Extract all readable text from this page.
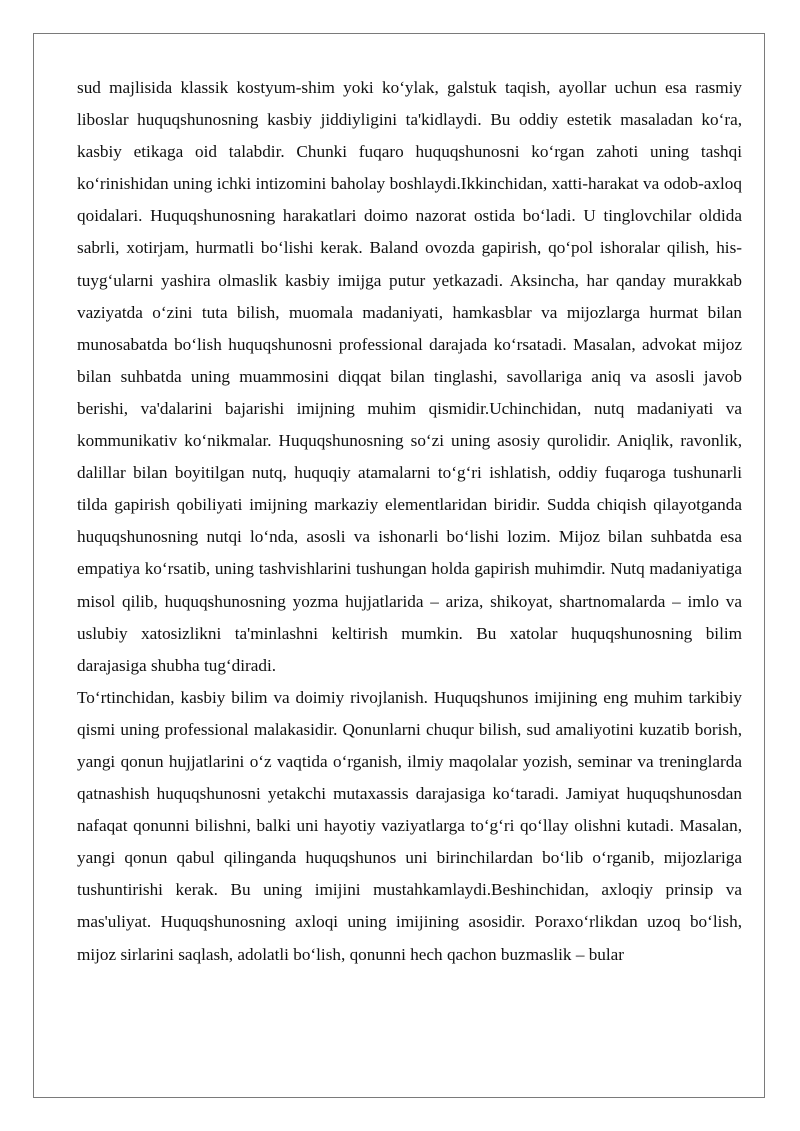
sud majlisida klassik kostyum-shim yoki ko‘ylak, galstuk taqish, ayollar uchun esa rasmiy liboslar huquqshunosning kasbiy jiddiyligini ta'kidlaydi. Bu oddiy estetik masaladan ko‘ra, kasbiy etikaga oid talabdir. Chunki fuqaro huquqshunosni ko‘rgan zahoti uning tashqi ko‘rinishidan uning ichki intizomini baholay boshlaydi.Ikkinchidan, xatti-harakat va odob-axloq qoidalari. Huquqshunosning harakatlari doimo nazorat ostida bo‘ladi. U tinglovchilar oldida sabrli, xotirjam, hurmatli bo‘lishi kerak. Baland ovozda gapirish, qo‘pol ishoralar qilish, his-tuyg‘ularni yashira olmaslik kasbiy imijga putur yetkazadi. Aksincha, har qanday murakkab vaziyatda o‘zini tuta bilish, muomala madaniyati, hamkasblar va mijozlarga hurmat bilan munosabatda bo‘lish huquqshunosni professional darajada ko‘rsatadi. Masalan, advokat mijoz bilan suhbatda uning muammosini diqqat bilan tinglashi, savollariga aniq va asosli javob berishi, va'dalarini bajarishi imijning muhim qismidir.Uchinchidan, nutq madaniyati va kommunikativ ko‘nikmalar. Huquqshunosning so‘zi uning asosiy qurolidir. Aniqlik, ravonlik, dalillar bilan boyitilgan nutq, huquqiy atamalarni to‘g‘ri ishlatish, oddiy fuqaroga tushunarli tilda gapirish qobiliyati imijning markaziy elementlaridan biridir. Sudda chiqish qilayotganda huquqshunosning nutqi lo‘nda, asosli va ishonarli bo‘lishi lozim. Mijoz bilan suhbatda esa empatiya ko‘rsatib, uning tashvishlarini tushungan holda gapirish muhimdir. Nutq madaniyatiga misol qilib, huquqshunosning yozma hujjatlarida – ariza, shikoyat, shartnomalarda – imlo va uslubiy xatosizlikni ta'minlashni keltirish mumkin. Bu xatolar huquqshunosning bilim darajasiga shubha tug‘diradi.

To‘rtinchidan, kasbiy bilim va doimiy rivojlanish. Huquqshunos imijining eng muhim tarkibiy qismi uning professional malakasidir. Qonunlarni chuqur bilish, sud amaliyotini kuzatib borish, yangi qonun hujjatlarini o‘z vaqtida o‘rganish, ilmiy maqolalar yozish, seminar va treninglarda qatnashish huquqshunosni yetakchi mutaxassis darajasiga ko‘taradi. Jamiyat huquqshunosdan nafaqat qonunni bilishni, balki uni hayotiy vaziyatlarga to‘g‘ri qo‘llay olishni kutadi. Masalan, yangi qonun qabul qilinganda huquqshunos uni birinchilardan bo‘lib o‘rganib, mijozlariga tushuntirishi kerak. Bu uning imijini mustahkamlaydi.Beshinchidan, axloqiy prinsip va mas'uliyat. Huquqshunosning axloqi uning imijining asosidir. Poraxo‘rlikdan uzoq bo‘lish, mijoz sirlarini saqlash, adolatli bo‘lish, qonunni hech qachon buzmaslik – bular
